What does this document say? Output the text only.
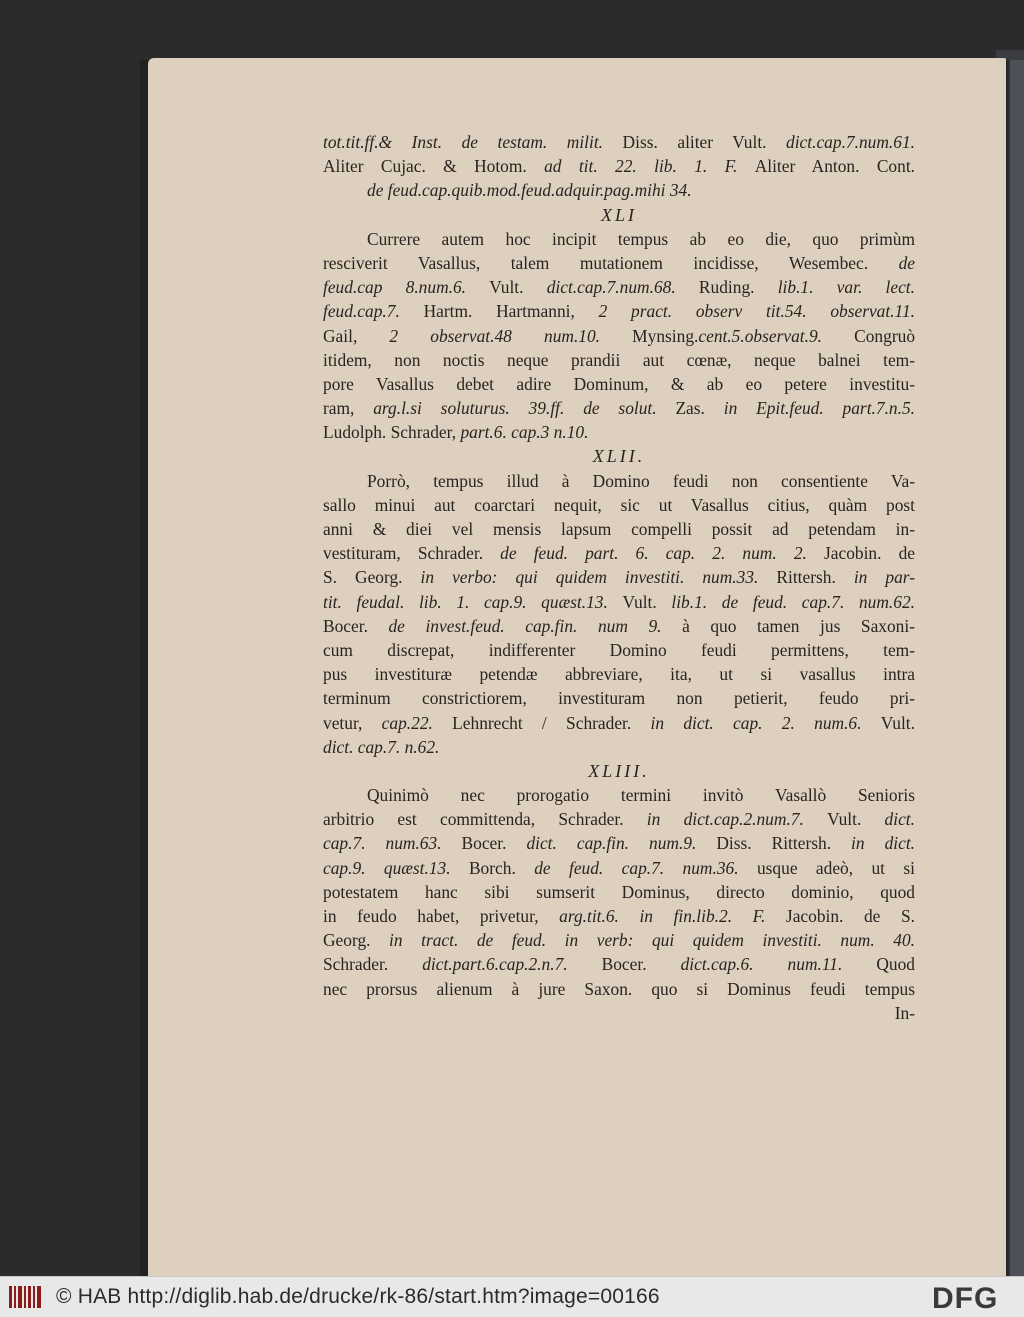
tot.tit.ff.& Inst. de testam. milit. Diss. aliter Vult. dict.cap.7.num.61.
Aliter Cujac. & Hotom. ad tit. 22. lib. 1. F. Aliter Anton. Cont.
de feud.cap.quib.mod.feud.adquir.pag.mihi 34.
XLI
Currere autem hoc incipit tempus ab eo die, quo primùm
resciverit Vasallus, talem mutationem incidisse, Wesembec. de
feud.cap 8.num.6. Vult. dict.cap.7.num.68. Ruding. lib.1. var. lect.
feud.cap.7. Hartm. Hartmanni, 2 pract. observ tit.54. observat.11.
Gail, 2 observat.48 num.10. Mynsing.cent.5.observat.9. Congruò
itidem, non noctis neque prandii aut cœnæ, neque balnei tem-
pore Vasallus debet adire Dominum, & ab eo petere investitu-
ram, arg.l.si soluturus. 39.ff. de solut. Zas. in Epit.feud. part.7.n.5.
Ludolph. Schrader, part.6. cap.3 n.10.
XLII.
Porrò, tempus illud à Domino feudi non consentiente Va-
sallo minui aut coarctari nequit, sic ut Vasallus citius, quàm post
anni & diei vel mensis lapsum compelli possit ad petendam in-
vestituram, Schrader. de feud. part. 6. cap. 2. num. 2. Jacobin. de
S. Georg. in verbo: qui quidem investiti. num.33. Rittersh. in par-
tit. feudal. lib. 1. cap.9. quæst.13. Vult. lib.1. de feud. cap.7. num.62.
Bocer. de invest.feud. cap.fin. num 9. à quo tamen jus Saxoni-
cum discrepat, indifferenter Domino feudi permittens, tem-
pus investituræ petendæ abbreviare, ita, ut si vasallus intra
terminum constrictiorem, investituram non petierit, feudo pri-
vetur, cap.22. Lehnrecht / Schrader. in dict. cap. 2. num.6. Vult.
dict. cap.7. n.62.
XLIII.
Quinimò nec prorogatio termini invitò Vasallò Senioris
arbitrio est committenda, Schrader. in dict.cap.2.num.7. Vult. dict.
cap.7. num.63. Bocer. dict. cap.fin. num.9. Diss. Rittersh. in dict.
cap.9. quæst.13. Borch. de feud. cap.7. num.36. usque adeò, ut si
potestatem hanc sibi sumserit Dominus, directo dominio, quod
in feudo habet, privetur, arg.tit.6. in fin.lib.2. F. Jacobin. de S.
Georg. in tract. de feud. in verb: qui quidem investiti. num. 40.
Schrader. dict.part.6.cap.2.n.7. Bocer. dict.cap.6. num.11. Quod
nec prorsus alienum à jure Saxon. quo si Dominus feudi tempus
In-
© HAB http://diglib.hab.de/drucke/rk-86/start.htm?image=00166	DFG
